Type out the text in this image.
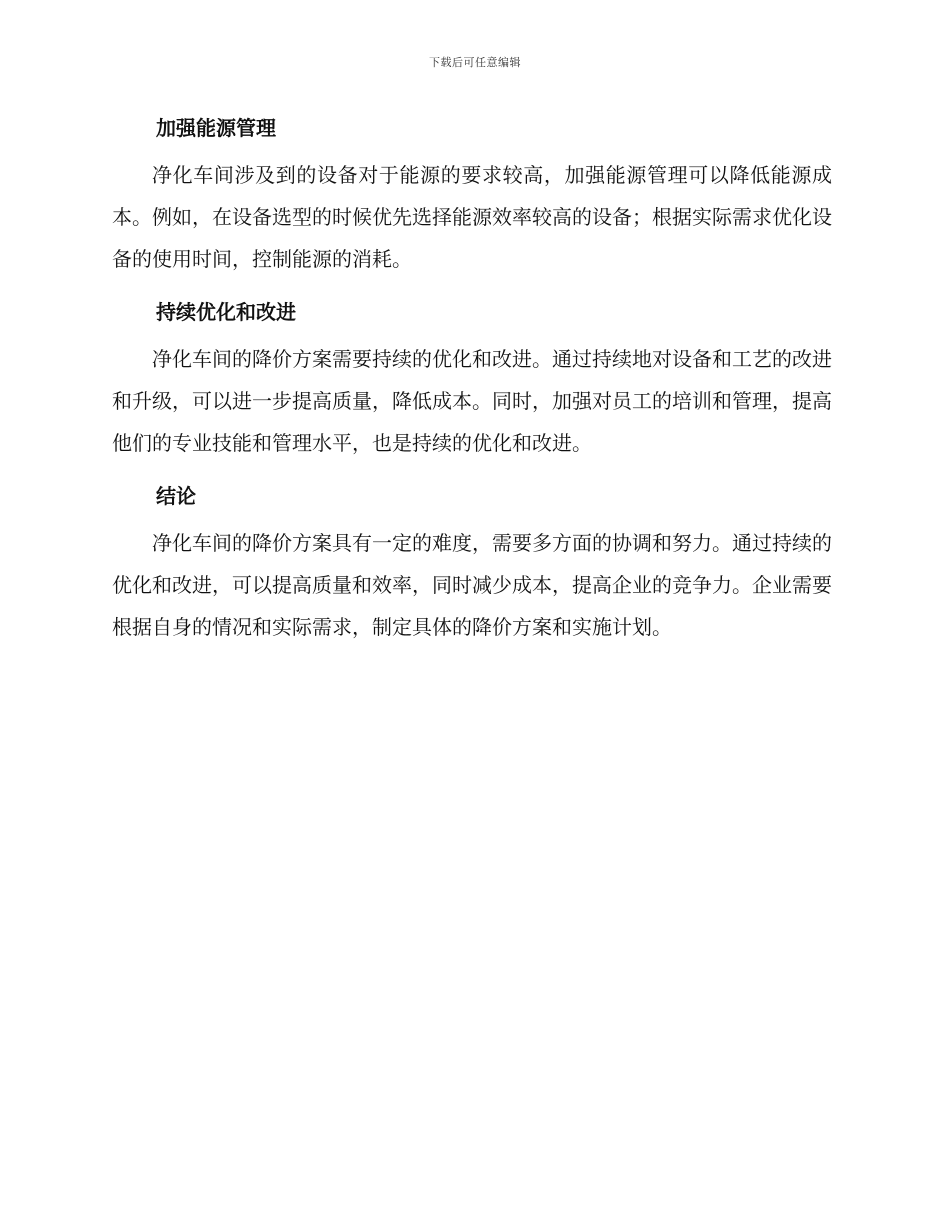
下载后可任意编辑
加强能源管理

净化车间涉及到的设备对于能源的要求较高，加强能源管理可以降低能源成本。例如，在设备选型的时候优先选择能源效率较高的设备；根据实际需求优化设备的使用时间，控制能源的消耗。

持续优化和改进

净化车间的降价方案需要持续的优化和改进。通过持续地对设备和工艺的改进和升级，可以进一步提高质量，降低成本。同时，加强对员工的培训和管理，提高他们的专业技能和管理水平，也是持续的优化和改进。

结论

净化车间的降价方案具有一定的难度，需要多方面的协调和努力。通过持续的优化和改进，可以提高质量和效率，同时减少成本，提高企业的竞争力。企业需要根据自身的情况和实际需求，制定具体的降价方案和实施计划。
